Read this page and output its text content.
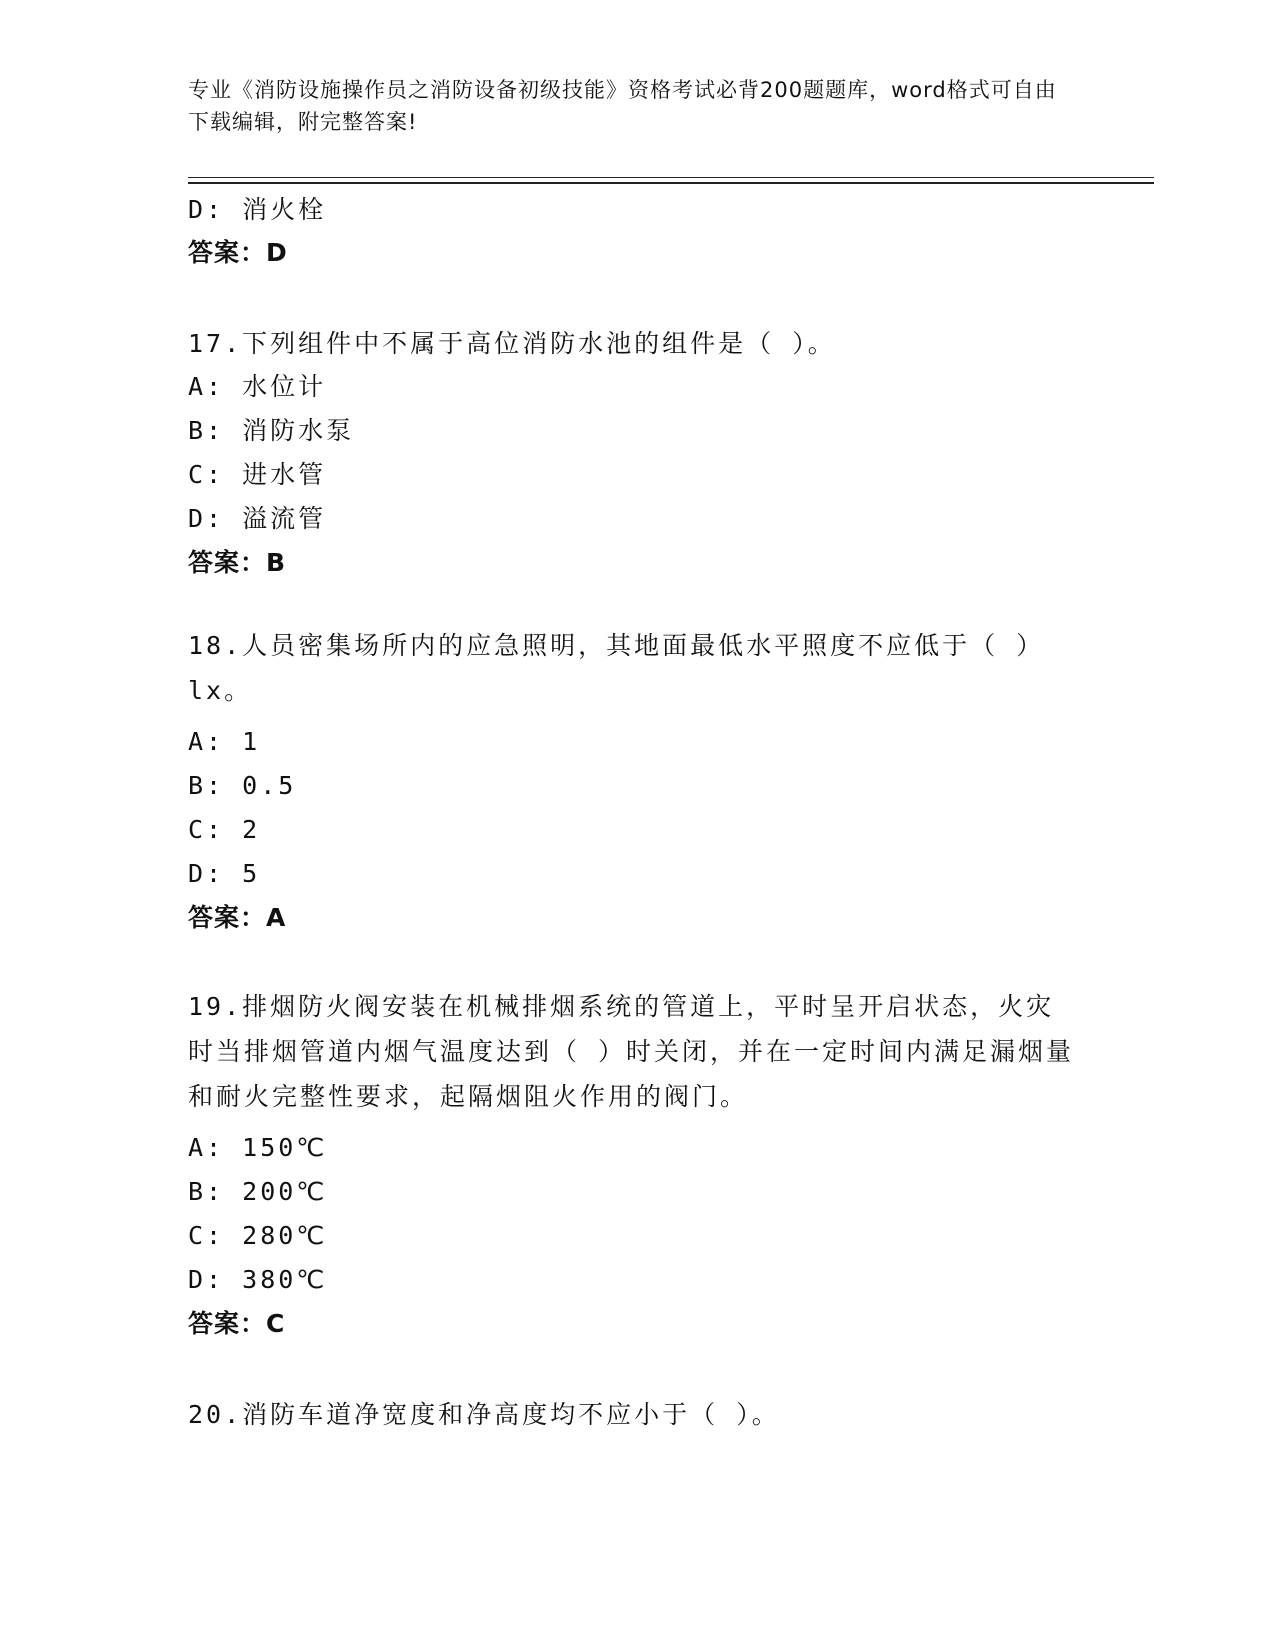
专业《消防设施操作员之消防设备初级技能》资格考试必背200题题库，word格式可自由下载编辑，附完整答案!
D: 消火栓
答案：D
17.下列组件中不属于高位消防水池的组件是（ ）。
A: 水位计
B: 消防水泵
C: 进水管
D: 溢流管
答案：B
18.人员密集场所内的应急照明，其地面最低水平照度不应低于（ ）lx。
A: 1
B: 0.5
C: 2
D: 5
答案：A
19.排烟防火阀安装在机械排烟系统的管道上，平时呈开启状态，火灾时当排烟管道内烟气温度达到（ ）时关闭，并在一定时间内满足漏烟量和耐火完整性要求，起隔烟阻火作用的阀门。
A: 150℃
B: 200℃
C: 280℃
D: 380℃
答案：C
20.消防车道净宽度和净高度均不应小于（ ）。
